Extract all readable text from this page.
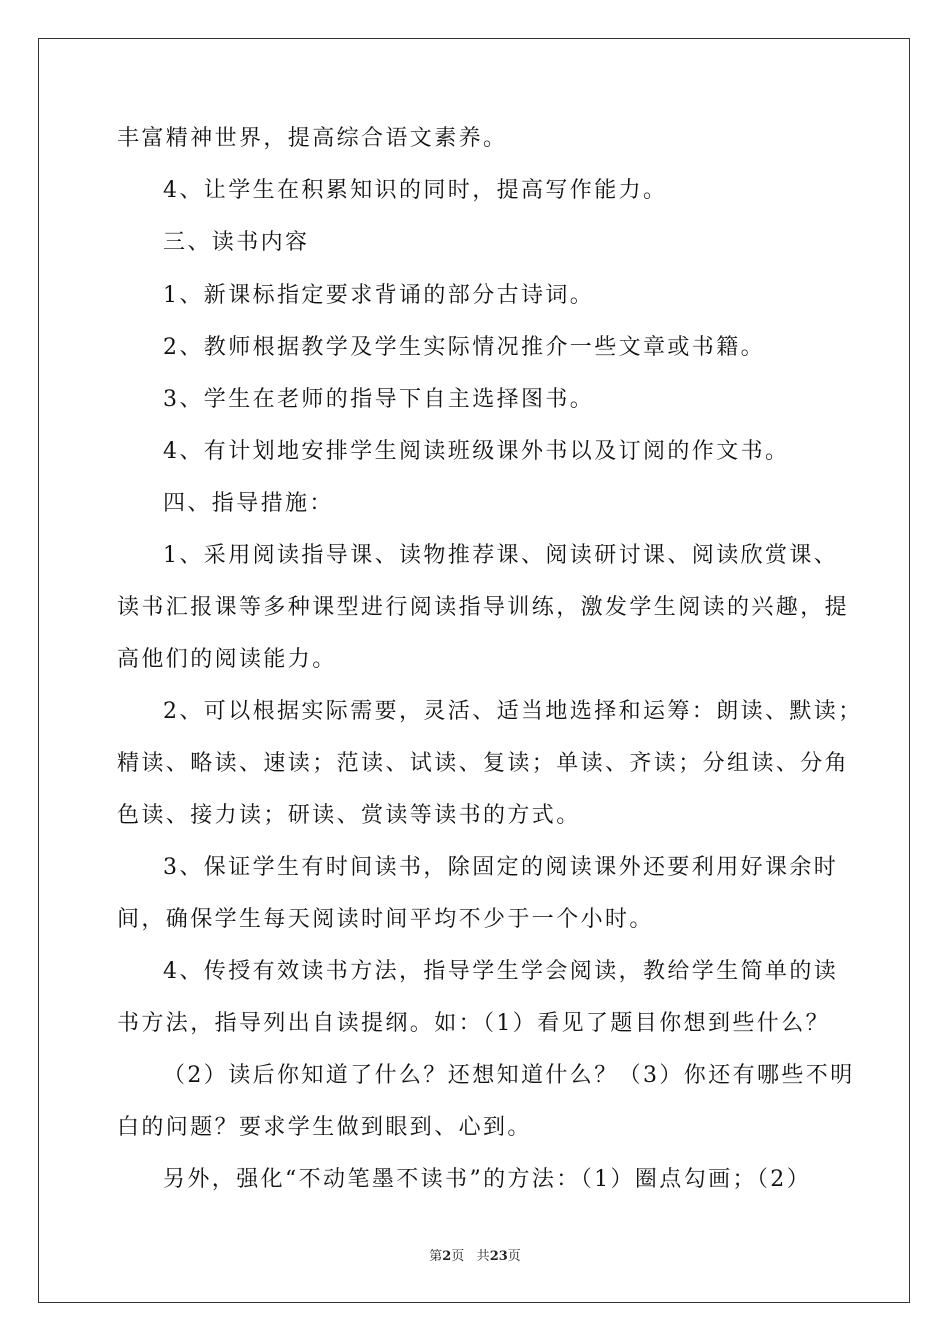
丰富精神世界，提高综合语文素养。
4、让学生在积累知识的同时，提高写作能力。
三、读书内容
1、新课标指定要求背诵的部分古诗词。
2、教师根据教学及学生实际情况推介一些文章或书籍。
3、学生在老师的指导下自主选择图书。
4、有计划地安排学生阅读班级课外书以及订阅的作文书。
四、指导措施：
1、采用阅读指导课、读物推荐课、阅读研讨课、阅读欣赏课、
读书汇报课等多种课型进行阅读指导训练，激发学生阅读的兴趣，提
高他们的阅读能力。
2、可以根据实际需要，灵活、适当地选择和运筹：朗读、默读；
精读、略读、速读；范读、试读、复读；单读、齐读；分组读、分角
色读、接力读；研读、赏读等读书的方式。
3、保证学生有时间读书，除固定的阅读课外还要利用好课余时
间，确保学生每天阅读时间平均不少于一个小时。
4、传授有效读书方法，指导学生学会阅读，教给学生简单的读
书方法，指导列出自读提纲。如：（1）看见了题目你想到些什么？
（2）读后你知道了什么？还想知道什么？（3）你还有哪些不明
白的问题？要求学生做到眼到、心到。
另外，强化“不动笔墨不读书”的方法：（1）圈点勾画；（2）
第2页 共23页
